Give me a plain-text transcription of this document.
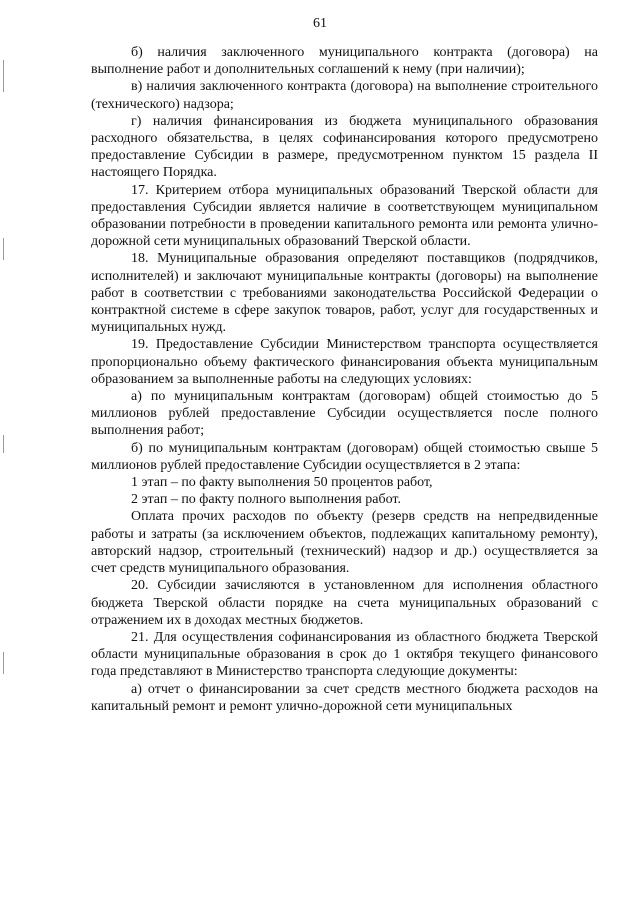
61

б) наличия заключенного муниципального контракта (договора) на выполнение работ и дополнительных соглашений к нему (при наличии);

в) наличия заключенного контракта (договора) на выполнение строительного (технического) надзора;

г) наличия финансирования из бюджета муниципального образования расходного обязательства, в целях софинансирования которого предусмотрено предоставление Субсидии в размере, предусмотренном пунктом 15 раздела II настоящего Порядка.

17. Критерием отбора муниципальных образований Тверской области для предоставления Субсидии является наличие в соответствующем муниципальном образовании потребности в проведении капитального ремонта или ремонта улично-дорожной сети муниципальных образований Тверской области.

18. Муниципальные образования определяют поставщиков (подрядчиков, исполнителей) и заключают муниципальные контракты (договоры) на выполнение работ в соответствии с требованиями законодательства Российской Федерации о контрактной системе в сфере закупок товаров, работ, услуг для государственных и муниципальных нужд.

19. Предоставление Субсидии Министерством транспорта осуществляется пропорционально объему фактического финансирования объекта муниципальным образованием за выполненные работы на следующих условиях:

а) по муниципальным контрактам (договорам) общей стоимостью до 5 миллионов рублей предоставление Субсидии осуществляется после полного выполнения работ;

б) по муниципальным контрактам (договорам) общей стоимостью свыше 5 миллионов рублей предоставление Субсидии осуществляется в 2 этапа:

1 этап – по факту выполнения 50 процентов работ,

2 этап – по факту полного выполнения работ.

Оплата прочих расходов по объекту (резерв средств на непредвиденные работы и затраты (за исключением объектов, подлежащих капитальному ремонту), авторский надзор, строительный (технический) надзор и др.) осуществляется за счет средств муниципального образования.

20. Субсидии зачисляются в установленном для исполнения областного бюджета Тверской области порядке на счета муниципальных образований с отражением их в доходах местных бюджетов.

21. Для осуществления софинансирования из областного бюджета Тверской области муниципальные образования в срок до 1 октября текущего финансового года представляют в Министерство транспорта следующие документы:

а) отчет о финансировании за счет средств местного бюджета расходов на капитальный ремонт и ремонт улично-дорожной сети муниципальных
